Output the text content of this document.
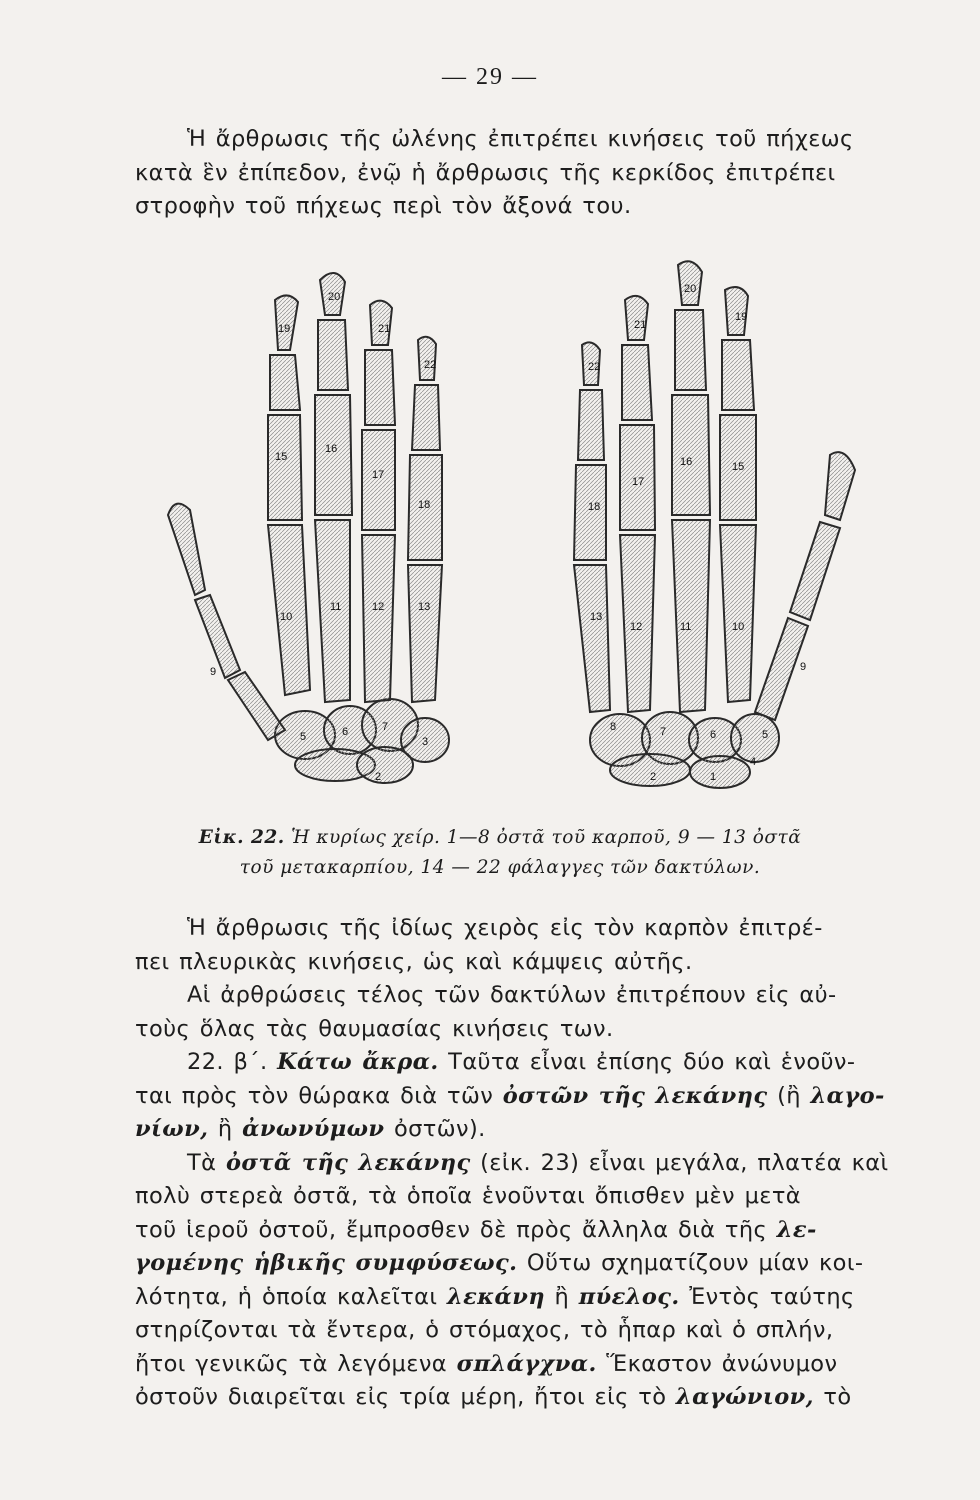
— 29 —
Ἡ ἄρθρωσις τῆς ὠλένης ἐπιτρέπει κινήσεις τοῦ πήχεως
κατὰ ἓν ἐπίπεδον, ἐνῷ ἡ ἄρθρωσις τῆς κερκίδος ἐπιτρέπει
στροφὴν τοῦ πήχεως περὶ τὸν ἄξονά του.
19
20
21
22
15
16
17
18
10
11	12	13
9
5	6
3
2
7
22
21
20
19
18
17
16	15
13
12	11	10
9
8	7	6	5
4
2	1
Εἰκ. 22. Ἡ κυρίως χείρ. 1—8 ὀστᾶ τοῦ καρποῦ, 9 — 13 ὀστᾶ
τοῦ μετακαρπίου, 14 — 22 φάλαγγες τῶν δακτύλων.
Ἡ ἄρθρωσις τῆς ἰδίως χειρὸς εἰς τὸν καρπὸν ἐπιτρέ-
πει πλευρικὰς κινήσεις, ὡς καὶ κάμψεις αὐτῆς.
Αἱ ἀρθρώσεις τέλος τῶν δακτύλων ἐπιτρέπουν εἰς αὐ-
τοὺς ὅλας τὰς θαυμασίας κινήσεις των.
22. β΄. Κάτω ἄκρα. Ταῦτα εἶναι ἐπίσης δύο καὶ ἑνοῦν-
ται πρὸς τὸν θώρακα διὰ τῶν ὀστῶν τῆς λεκάνης (ἢ λαγο-
νίων, ἢ ἀνωνύμων ὀστῶν).
Τὰ ὀστᾶ τῆς λεκάνης (εἰκ. 23) εἶναι μεγάλα, πλατέα καὶ
πολὺ στερεὰ ὀστᾶ, τὰ ὁποῖα ἑνοῦνται ὄπισθεν μὲν μετὰ
τοῦ ἱεροῦ ὀστοῦ, ἔμπροσθεν δὲ πρὸς ἄλληλα διὰ τῆς λε-
γομένης ἡβικῆς συμφύσεως. Οὕτω σχηματίζουν μίαν κοι-
λότητα, ἡ ὁποία καλεῖται λεκάνη ἢ πύελος. Ἐντὸς ταύτης
στηρίζονται τὰ ἔντερα, ὁ στόμαχος, τὸ ἧπαρ καὶ ὁ σπλήν,
ἤτοι γενικῶς τὰ λεγόμενα σπλάγχνα. Ἕκαστον ἀνώνυμον
ὀστοῦν διαιρεῖται εἰς τρία μέρη, ἤτοι εἰς τὸ λαγώνιον, τὸ
